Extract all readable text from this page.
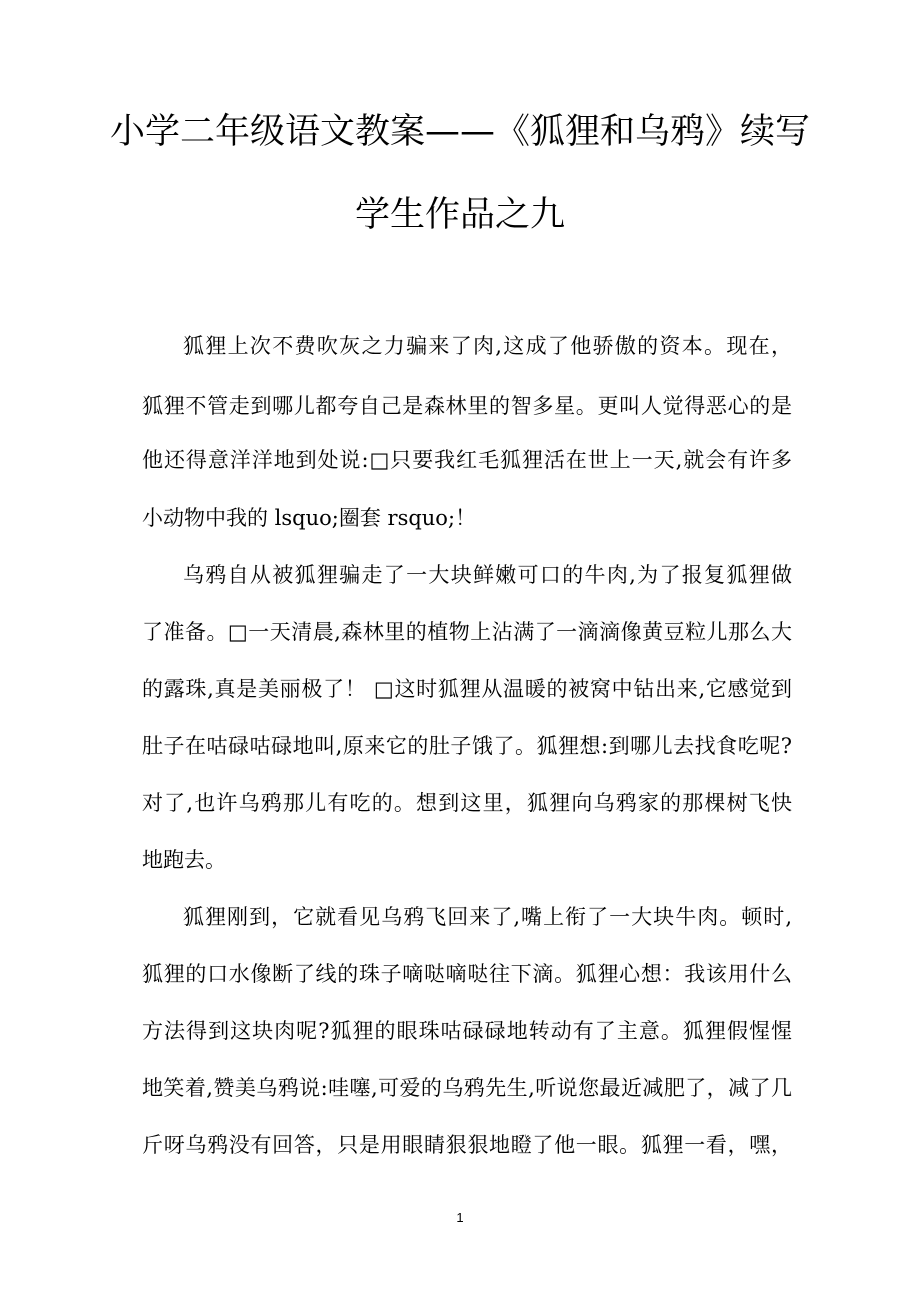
小学二年级语文教案——《狐狸和乌鸦》续写
学生作品之九
狐狸上次不费吹灰之力骗来了肉,这成了他骄傲的资本。现在，
狐狸不管走到哪儿都夸自己是森林里的智多星。更叫人觉得恶心的是
他还得意洋洋地到处说:□只要我红毛狐狸活在世上一天,就会有许多
小动物中我的 lsquo;圈套 rsquo;！
乌鸦自从被狐狸骗走了一大块鲜嫩可口的牛肉,为了报复狐狸做
了准备。□一天清晨,森林里的植物上沾满了一滴滴像黄豆粒儿那么大
的露珠,真是美丽极了！ □这时狐狸从温暖的被窝中钻出来,它感觉到
肚子在咕碌咕碌地叫,原来它的肚子饿了。狐狸想:到哪儿去找食吃呢?
对了,也许乌鸦那儿有吃的。想到这里，狐狸向乌鸦家的那棵树飞快
地跑去。
狐狸刚到，它就看见乌鸦飞回来了,嘴上衔了一大块牛肉。顿时,
狐狸的口水像断了线的珠子嘀哒嘀哒往下滴。狐狸心想：我该用什么
方法得到这块肉呢?狐狸的眼珠咕碌碌地转动有了主意。狐狸假惺惺
地笑着,赞美乌鸦说:哇噻,可爱的乌鸦先生,听说您最近减肥了，减了几
斤呀乌鸦没有回答，只是用眼睛狠狠地瞪了他一眼。狐狸一看，嘿，
1
